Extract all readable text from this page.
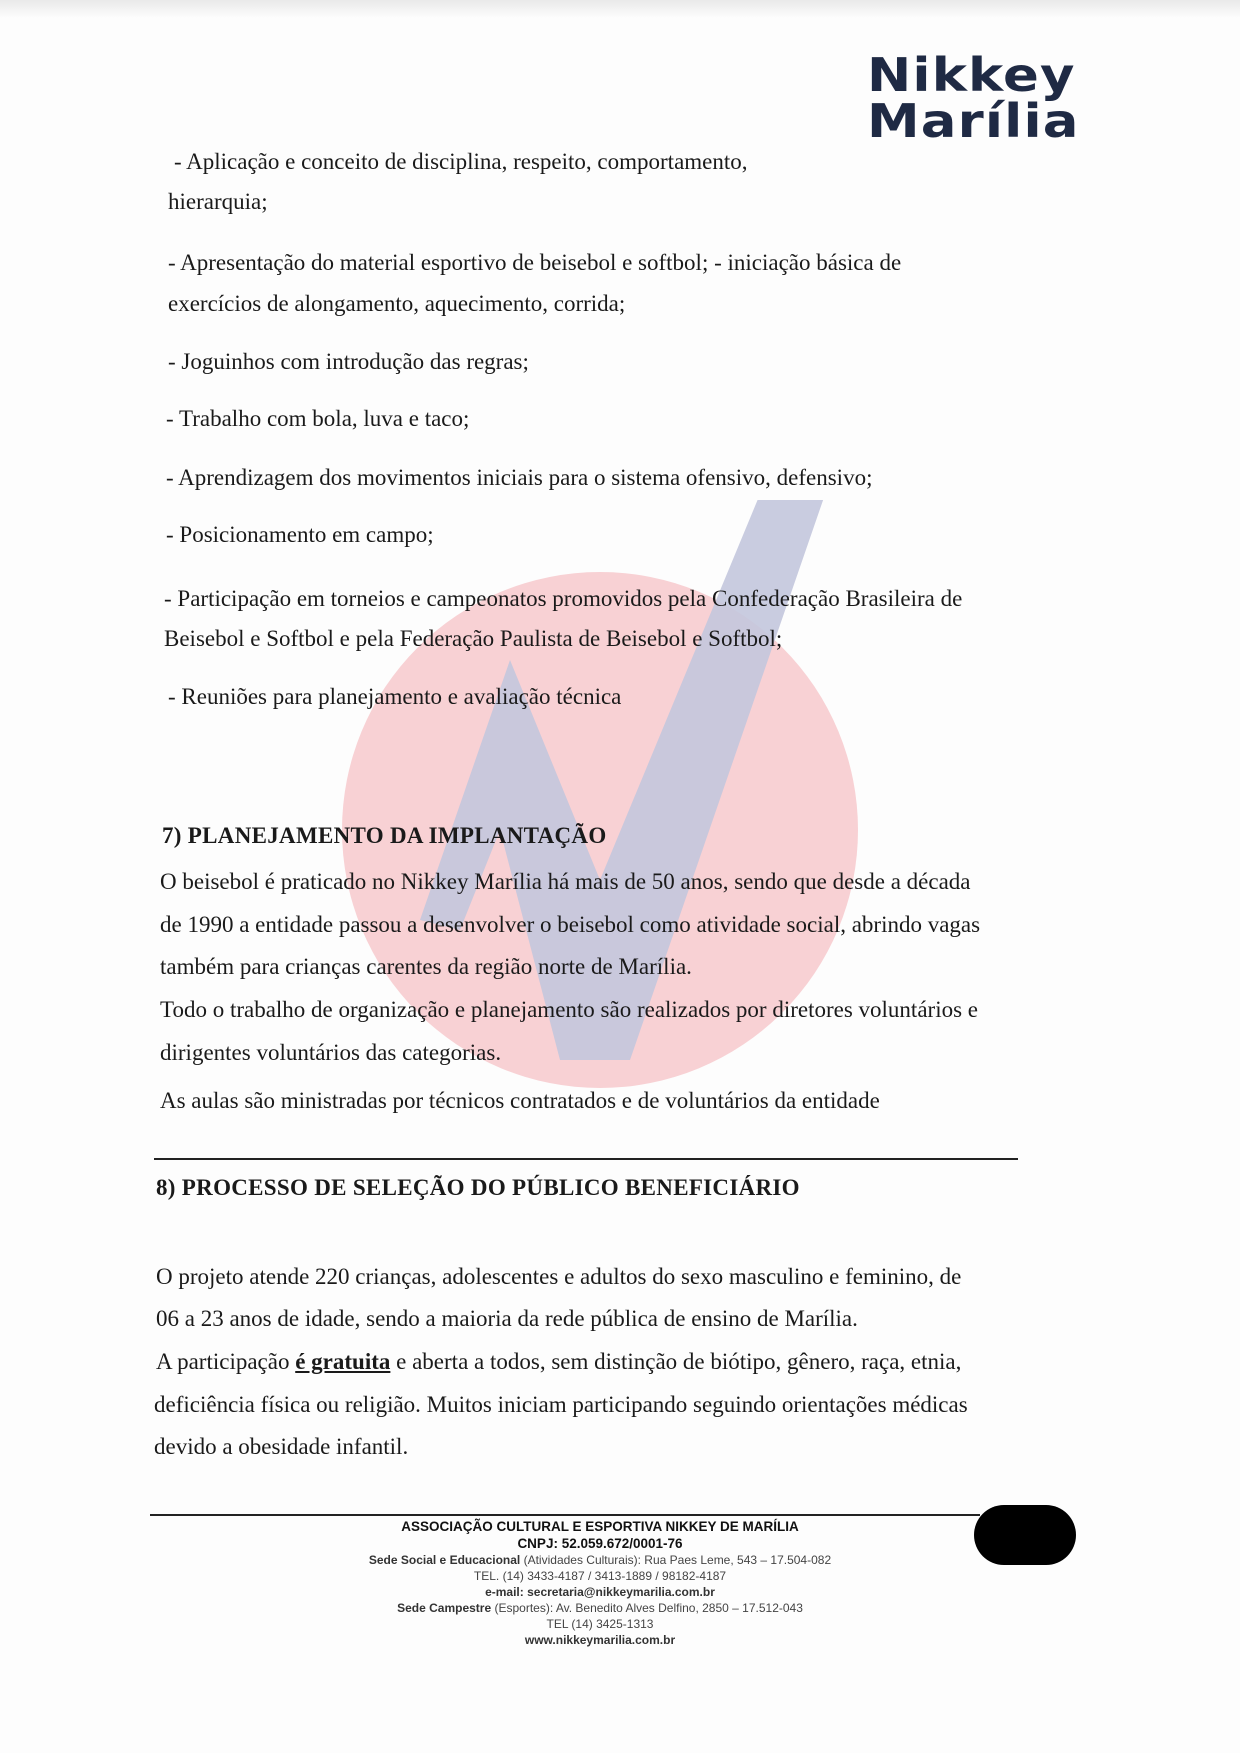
Nikkey
Marília
- Aplicação e conceito de disciplina, respeito, comportamento,
hierarquia;
- Apresentação do material esportivo de beisebol e softbol; - iniciação básica de
exercícios de alongamento, aquecimento, corrida;
- Joguinhos com introdução das regras;
- Trabalho com bola, luva e taco;
- Aprendizagem dos movimentos iniciais para o sistema ofensivo, defensivo;
- Posicionamento em campo;
- Participação em torneios e campeonatos promovidos pela Confederação Brasileira de
Beisebol e Softbol e pela Federação Paulista de Beisebol e Softbol;
- Reuniões para planejamento e avaliação técnica
7) PLANEJAMENTO DA IMPLANTAÇÃO
O beisebol é praticado no Nikkey Marília há mais de 50 anos, sendo que desde a década
de 1990 a entidade passou a desenvolver o beisebol como atividade social, abrindo vagas
também para crianças carentes da região norte de Marília.
Todo o trabalho de organização e planejamento são realizados por diretores voluntários e
dirigentes voluntários das categorias.
As aulas são ministradas por técnicos contratados e de voluntários da entidade
8) PROCESSO DE SELEÇÃO DO PÚBLICO BENEFICIÁRIO
O projeto atende 220 crianças, adolescentes e adultos do sexo masculino e feminino, de
06 a 23 anos de idade, sendo a maioria da rede pública de ensino de Marília.
A participação é gratuita e aberta a todos, sem distinção de biótipo, gênero, raça, etnia,
deficiência física ou religião. Muitos iniciam participando seguindo orientações médicas
devido a obesidade infantil.
ASSOCIAÇÃO CULTURAL E ESPORTIVA NIKKEY DE MARÍLIA
CNPJ: 52.059.672/0001-76
Sede Social e Educacional (Atividades Culturais): Rua Paes Leme, 543 – 17.504-082
TEL. (14) 3433-4187 / 3413-1889 / 98182-4187
e-mail: secretaria@nikkeymarilia.com.br
Sede Campestre (Esportes): Av. Benedito Alves Delfino, 2850 – 17.512-043
TEL (14) 3425-1313
www.nikkeymarilia.com.br
